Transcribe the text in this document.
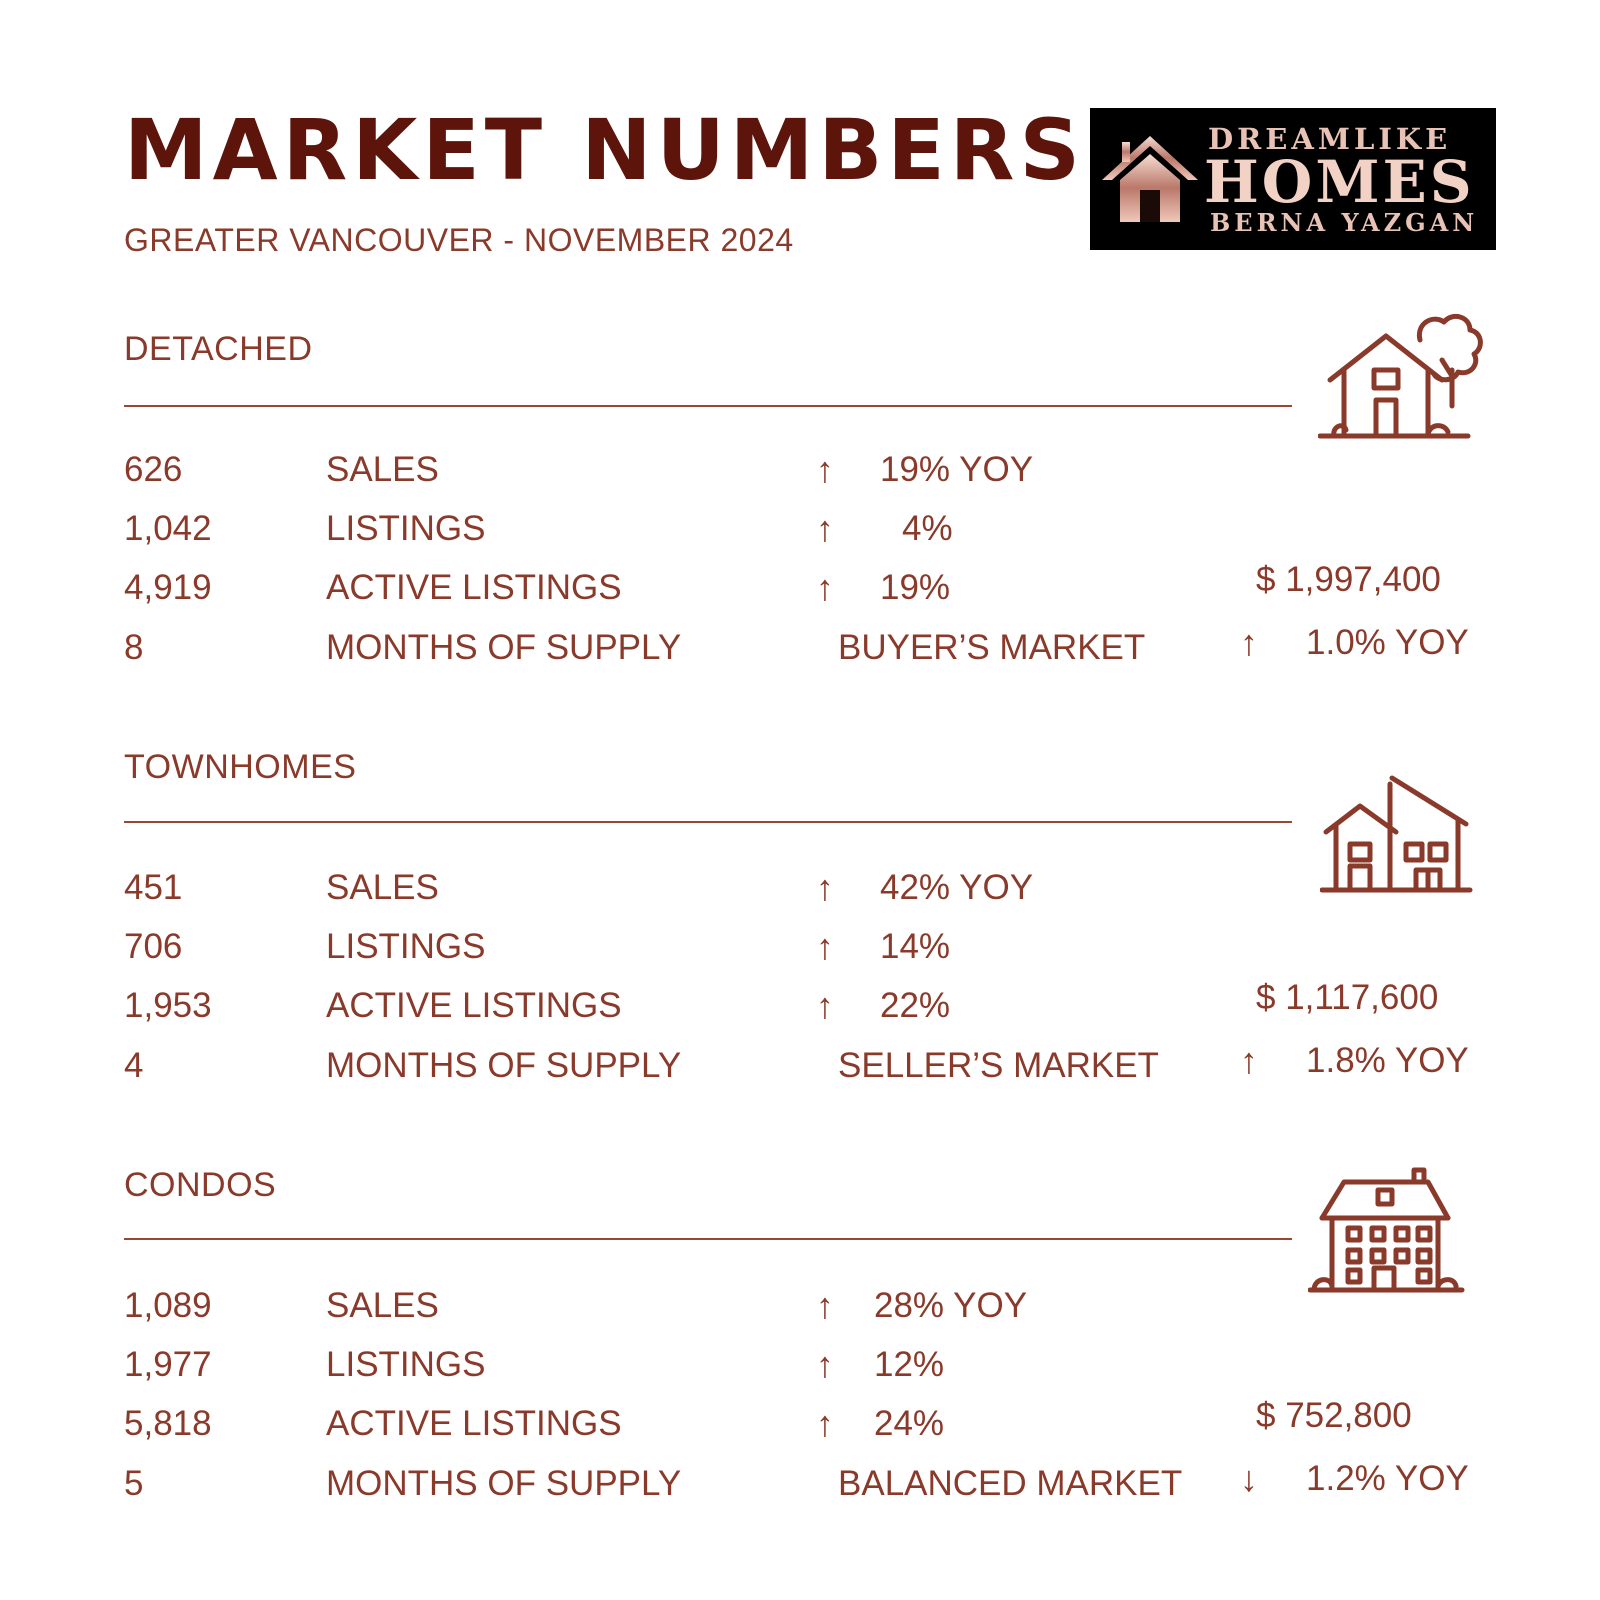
MARKET NUMBERS
GREATER VANCOUVER - NOVEMBER 2024
DREAMLIKE
HOMES
BERNA YAZGAN
DETACHED
626	SALES	↑ 19% YOY
1,042	LISTINGS	↑ 4%
4,919	ACTIVE LISTINGS	↑ 19%
8	MONTHS OF SUPPLY	BUYER’S MARKET
$ 1,997,400
↑ 1.0% YOY
TOWNHOMES
451	SALES	↑ 42% YOY
706	LISTINGS	↑ 14%
1,953	ACTIVE LISTINGS	↑ 22%
4	MONTHS OF SUPPLY	SELLER’S MARKET
$ 1,117,600
↑ 1.8% YOY
CONDOS
1,089	SALES	↑ 28% YOY
1,977	LISTINGS	↑ 12%
5,818	ACTIVE LISTINGS	↑ 24%
5	MONTHS OF SUPPLY	BALANCED MARKET
$ 752,800
↓ 1.2% YOY
